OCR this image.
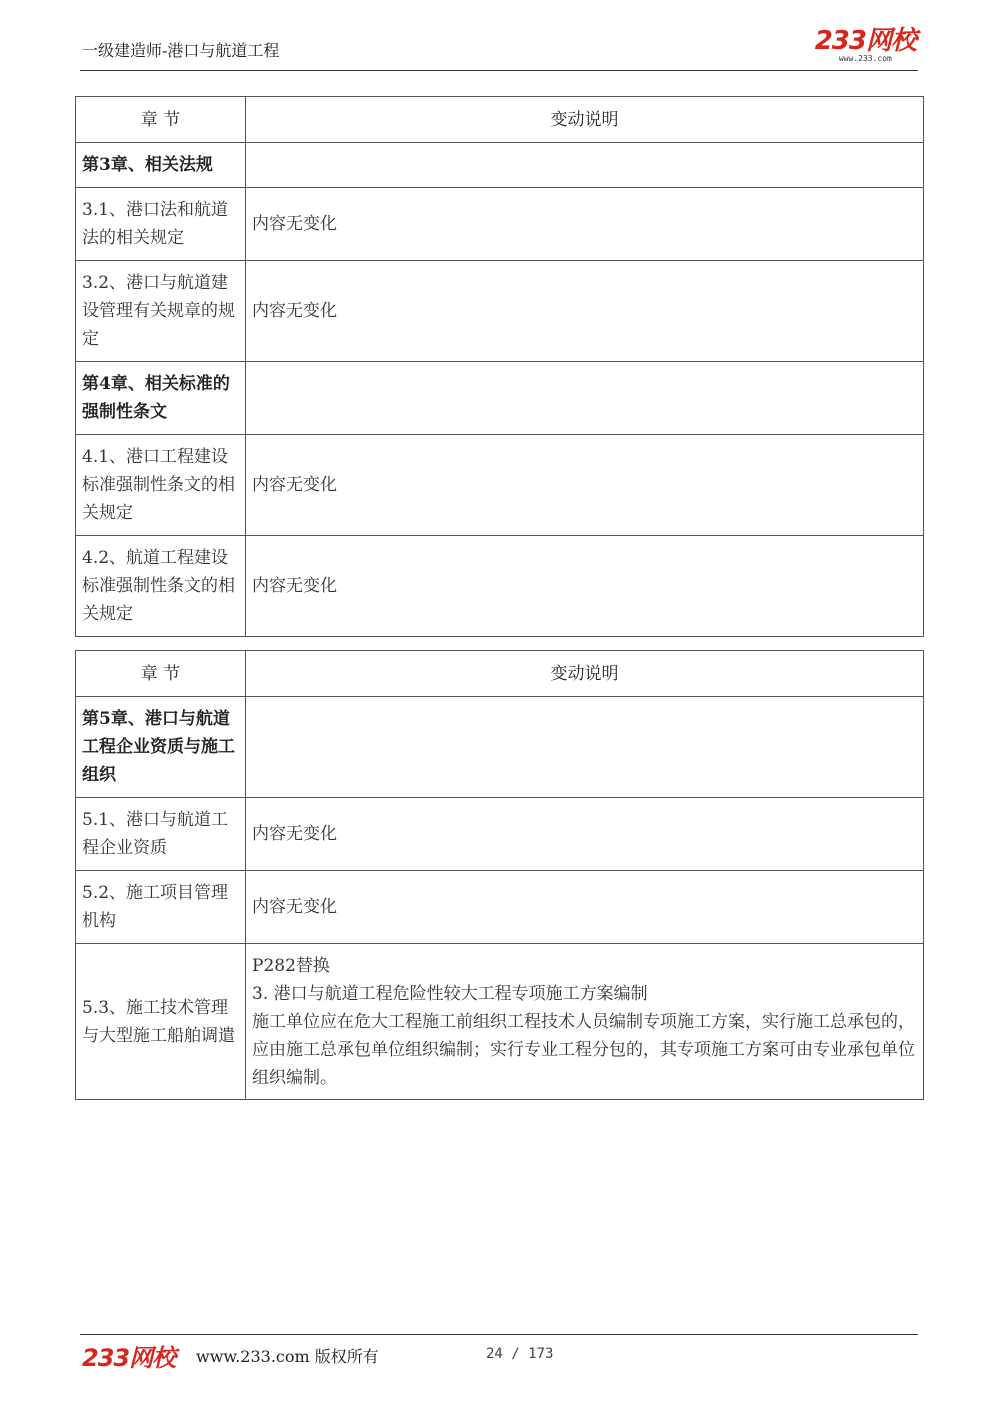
一级建造师-港口与航道工程	233网校
www.233.com
章 节	变动说明
第3章、相关法规	
3.1、港口法和航道法的相关规定	内容无变化
3.2、港口与航道建设管理有关规章的规定	内容无变化
第4章、相关标准的强制性条文	
4.1、港口工程建设标准强制性条文的相关规定	内容无变化
4.2、航道工程建设标准强制性条文的相关规定	内容无变化
章 节	变动说明
第5章、港口与航道工程企业资质与施工组织	
5.1、港口与航道工程企业资质	内容无变化
5.2、施工项目管理机构	内容无变化
5.3、施工技术管理与大型施工船舶调遣	P282替换
3. 港口与航道工程危险性较大工程专项施工方案编制
施工单位应在危大工程施工前组织工程技术人员编制专项施工方案，实行施工总承包的，应由施工总承包单位组织编制；实行专业工程分包的，其专项施工方案可由专业承包单位组织编制。
233网校 www.233.com 版权所有	24 / 173
